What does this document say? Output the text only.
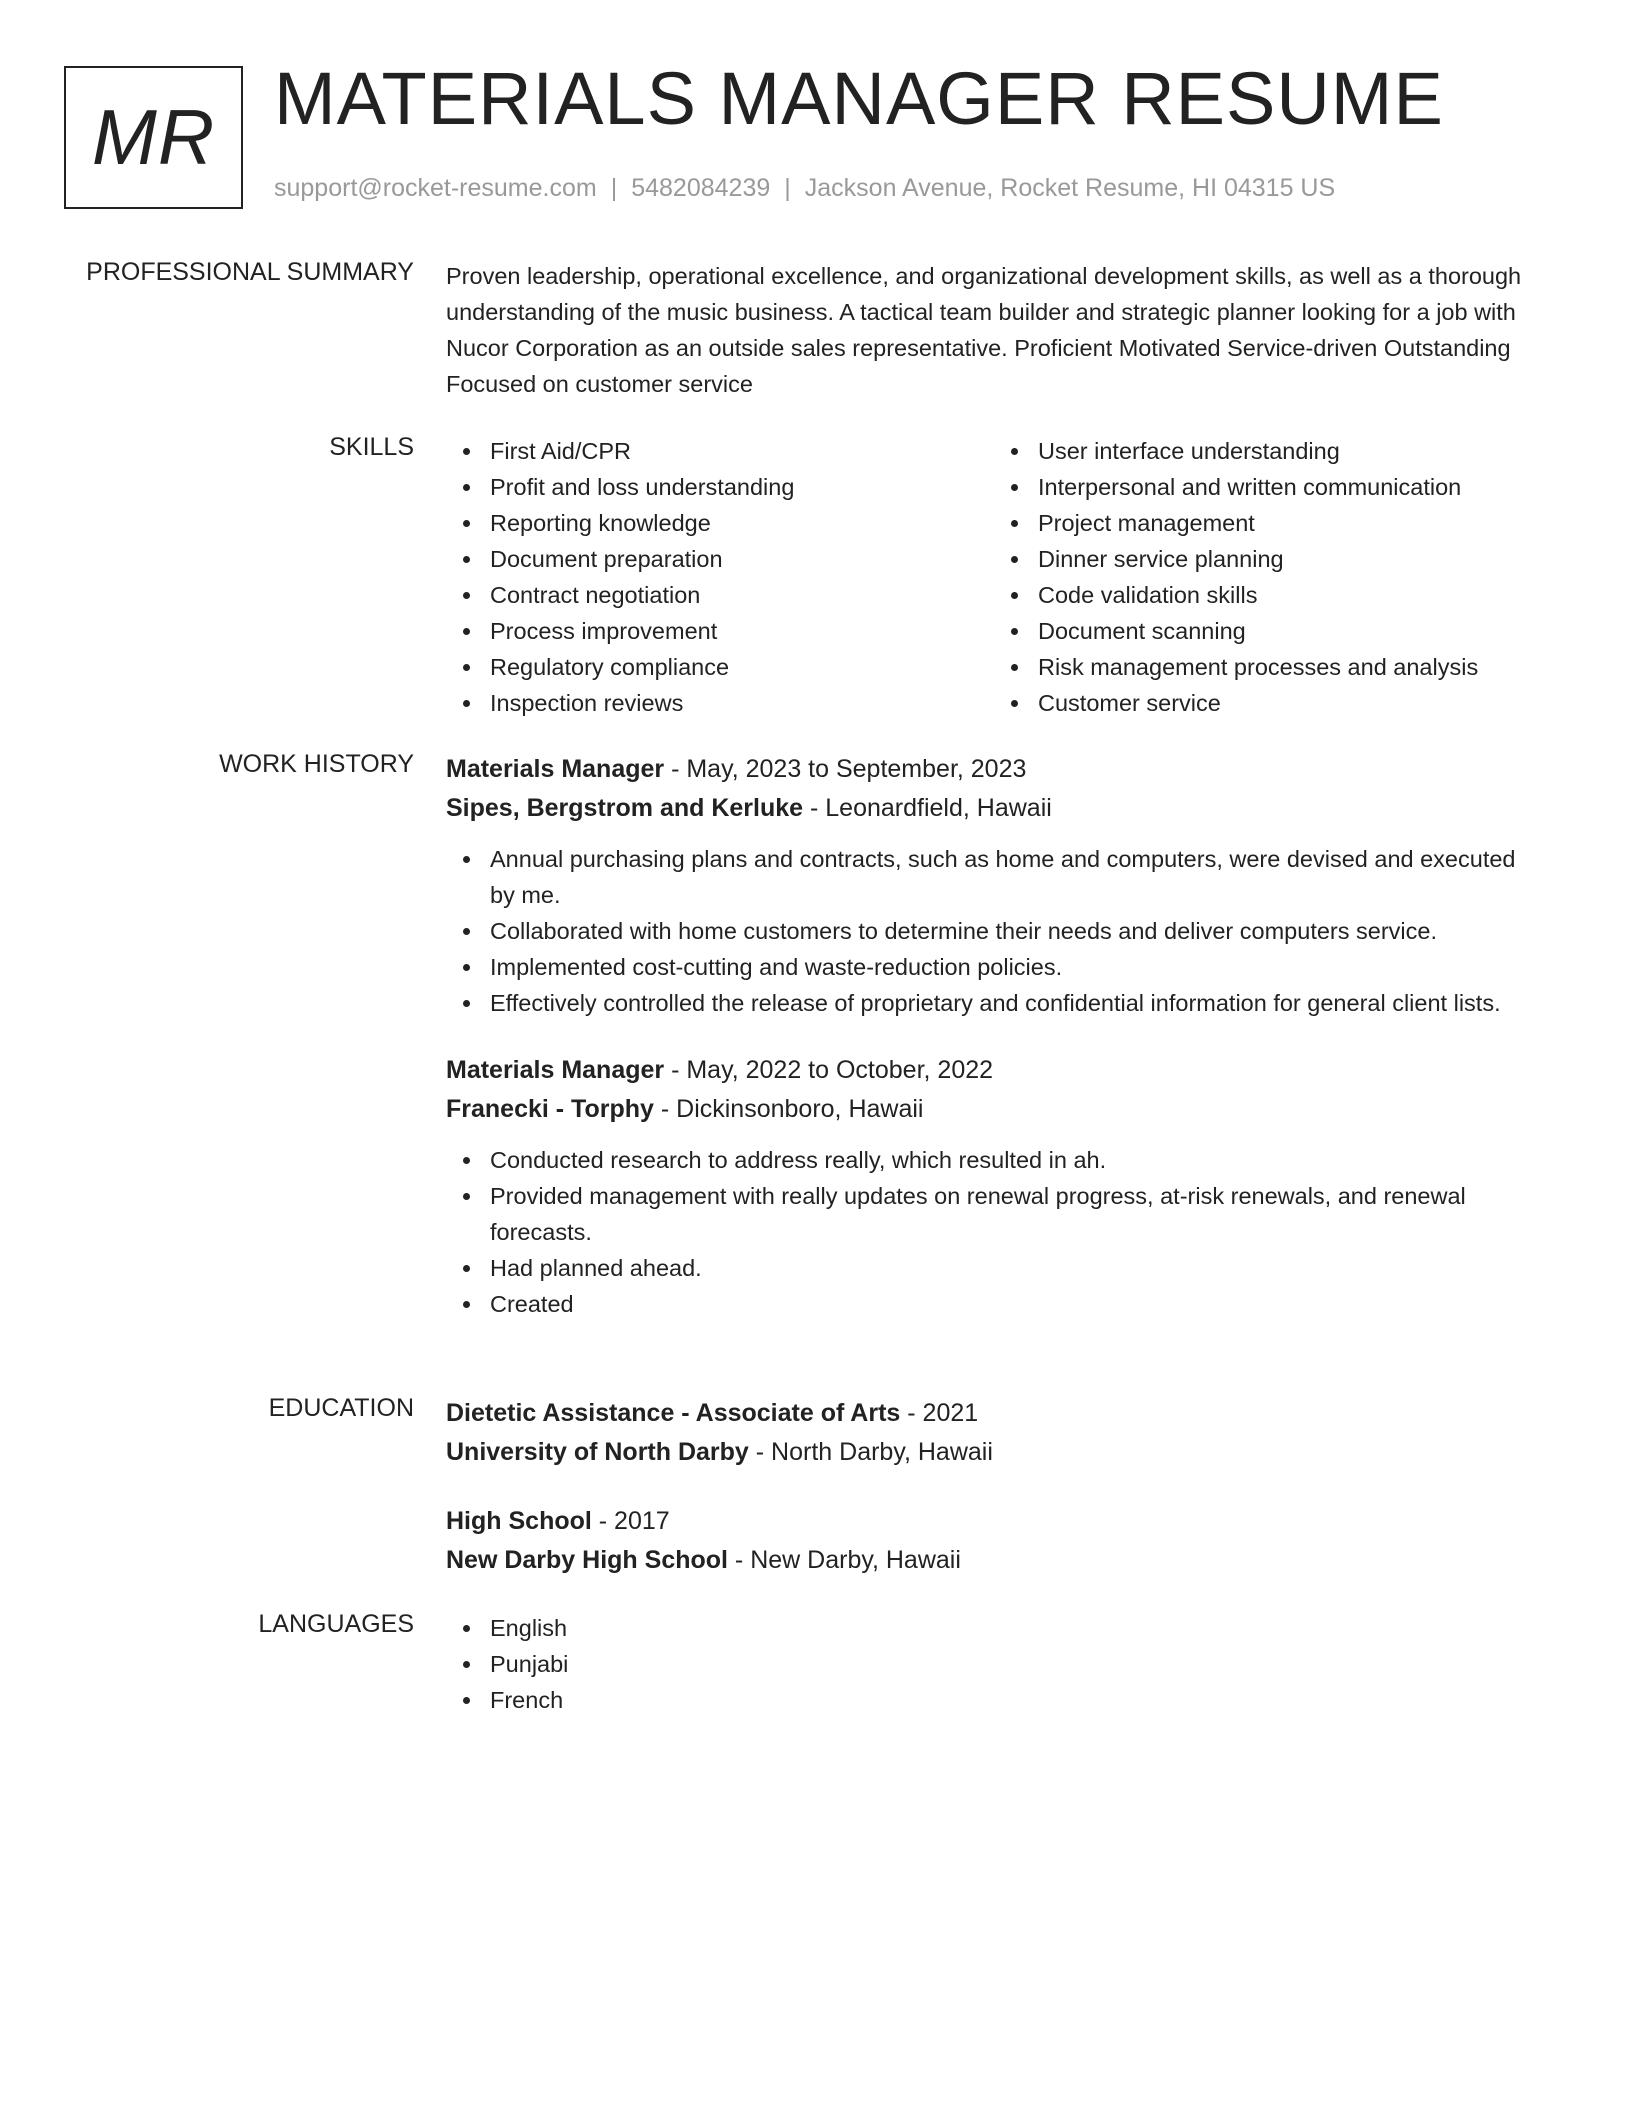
MR MATERIALS MANAGER RESUME
support@rocket-resume.com | 5482084239 | Jackson Avenue, Rocket Resume, HI 04315 US
PROFESSIONAL SUMMARY Proven leadership, operational excellence, and organizational development skills, as well as a thorough understanding of the music business. A tactical team builder and strategic planner looking for a job with Nucor Corporation as an outside sales representative. Proficient Motivated Service-driven Outstanding Focused on customer service
SKILLS	First Aid/CPR
Profit and loss understanding
Reporting knowledge
Document preparation
Contract negotiation
Process improvement
Regulatory compliance
Inspection reviews
User interface understanding
Interpersonal and written communication
Project management
Dinner service planning
Code validation skills
Document scanning
Risk management processes and analysis
Customer service
WORK HISTORY Materials Manager - May, 2023 to September, 2023
Sipes, Bergstrom and Kerluke - Leonardfield, Hawaii
Annual purchasing plans and contracts, such as home and computers, were devised and executed by me.
Collaborated with home customers to determine their needs and deliver computers service.
Implemented cost-cutting and waste-reduction policies.
Effectively controlled the release of proprietary and confidential information for general client lists.
Materials Manager - May, 2022 to October, 2022
Franecki - Torphy - Dickinsonboro, Hawaii
Conducted research to address really, which resulted in ah.
Provided management with really updates on renewal progress, at-risk renewals, and renewal forecasts.
Had planned ahead.
Created
EDUCATION Dietetic Assistance - Associate of Arts - 2021
University of North Darby - North Darby, Hawaii
High School - 2017
New Darby High School - New Darby, Hawaii
LANGUAGES	English
Punjabi
French
